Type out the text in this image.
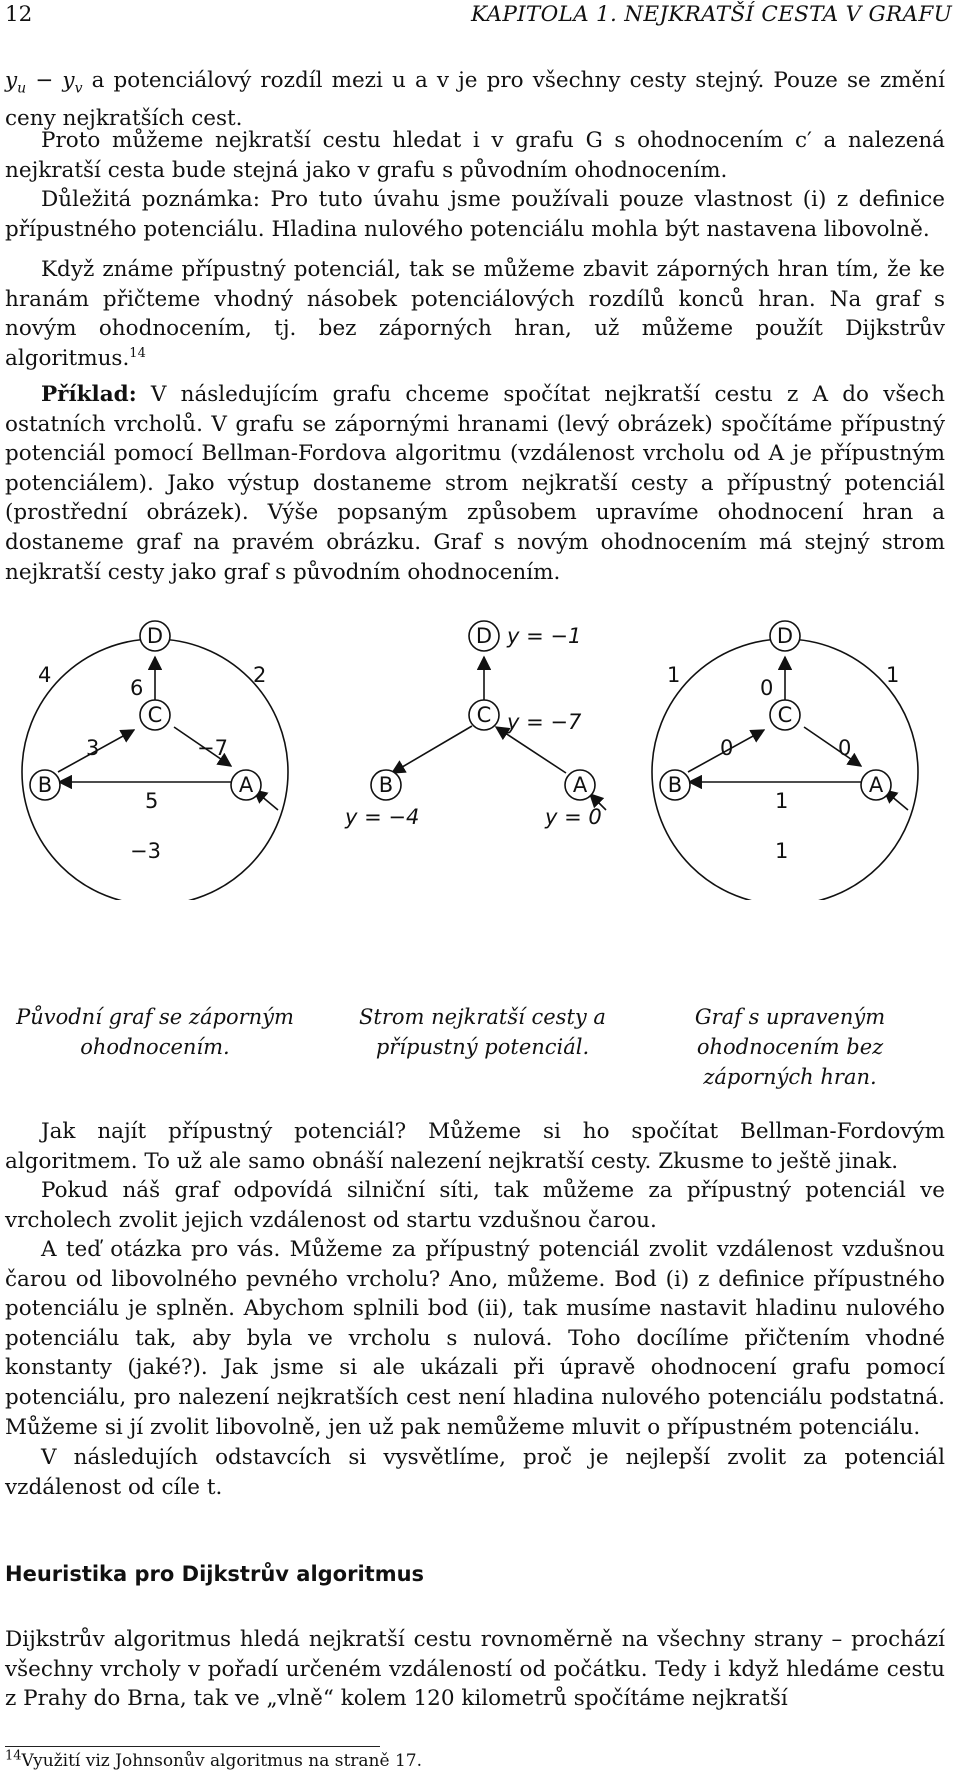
12	KAPITOLA 1. NEJKRATŠÍ CESTA V GRAFU

$y_u - y_v$ a potenciálový rozdíl mezi u a v je pro všechny cesty stejný. Pouze se změní ceny nejkratších cest.

Proto můžeme nejkratší cestu hledat i v grafu G s ohodnocením c′ a nalezená nejkratší cesta bude stejná jako v grafu s původním ohodnocením.

Důležitá poznámka: Pro tuto úvahu jsme používali pouze vlastnost (i) z definice přípustného potenciálu. Hladina nulového potenciálu mohla být nastavena libovolně.

Když známe přípustný potenciál, tak se můžeme zbavit záporných hran tím, že ke hranám přičteme vhodný násobek potenciálových rozdílů konců hran. Na graf s novým ohodnocením, tj. bez záporných hran, už můžeme použít Dijkstrův algoritmus.$^{14}$

Příklad: V následujícím grafu chceme spočítat nejkratší cestu z A do všech ostatních vrcholů. V grafu se zápornými hranami (levý obrázek) spočítáme přípustný potenciál pomocí Bellman-Fordova algoritmu (vzdálenost vrcholu od A je přípustným potenciálem). Jako výstup dostaneme strom nejkratší cesty a přípustný potenciál (prostřední obrázek). Výše popsaným způsobem upravíme ohodnocení hran a dostaneme graf na pravém obrázku. Graf s novým ohodnocením má stejný strom nejkratší cesty jako graf s původním ohodnocením.

D
C
B	A
4
6
2
3	−7
5
−3
D
C
B	A
y = −1
y = −7
y = −4	y = 0
D
C
B	A
1
0
1
0	0
1
1
Původní graf se záporným
ohodnocením.
Strom nejkratší cesty a
přípustný potenciál.
Graf s upraveným
ohodnocením bez
záporných hran.

Jak najít přípustný potenciál? Můžeme si ho spočítat Bellman-Fordovým algoritmem. To už ale samo obnáší nalezení nejkratší cesty. Zkusme to ještě jinak.

Pokud náš graf odpovídá silniční síti, tak můžeme za přípustný potenciál ve vrcholech zvolit jejich vzdálenost od startu vzdušnou čarou.

A teď otázka pro vás. Můžeme za přípustný potenciál zvolit vzdálenost vzdušnou čarou od libovolného pevného vrcholu? Ano, můžeme. Bod (i) z definice přípustného potenciálu je splněn. Abychom splnili bod (ii), tak musíme nastavit hladinu nulového potenciálu tak, aby byla ve vrcholu s nulová. Toho docílíme přičtením vhodné konstanty (jaké?). Jak jsme si ale ukázali při úpravě ohodnocení grafu pomocí potenciálu, pro nalezení nejkratších cest není hladina nulového potenciálu podstatná. Můžeme si jí zvolit libovolně, jen už pak nemůžeme mluvit o přípustném potenciálu.

V následujích odstavcích si vysvětlíme, proč je nejlepší zvolit za potenciál vzdálenost od cíle t.

Heuristika pro Dijkstrův algoritmus

Dijkstrův algoritmus hledá nejkratší cestu rovnoměrně na všechny strany – prochází všechny vrcholy v pořadí určeném vzdáleností od počátku. Tedy i když hledáme cestu z Prahy do Brna, tak ve „vlně“ kolem 120 kilometrů spočítáme nejkratší

$^{14}$Využití viz Johnsonův algoritmus na straně 17.
